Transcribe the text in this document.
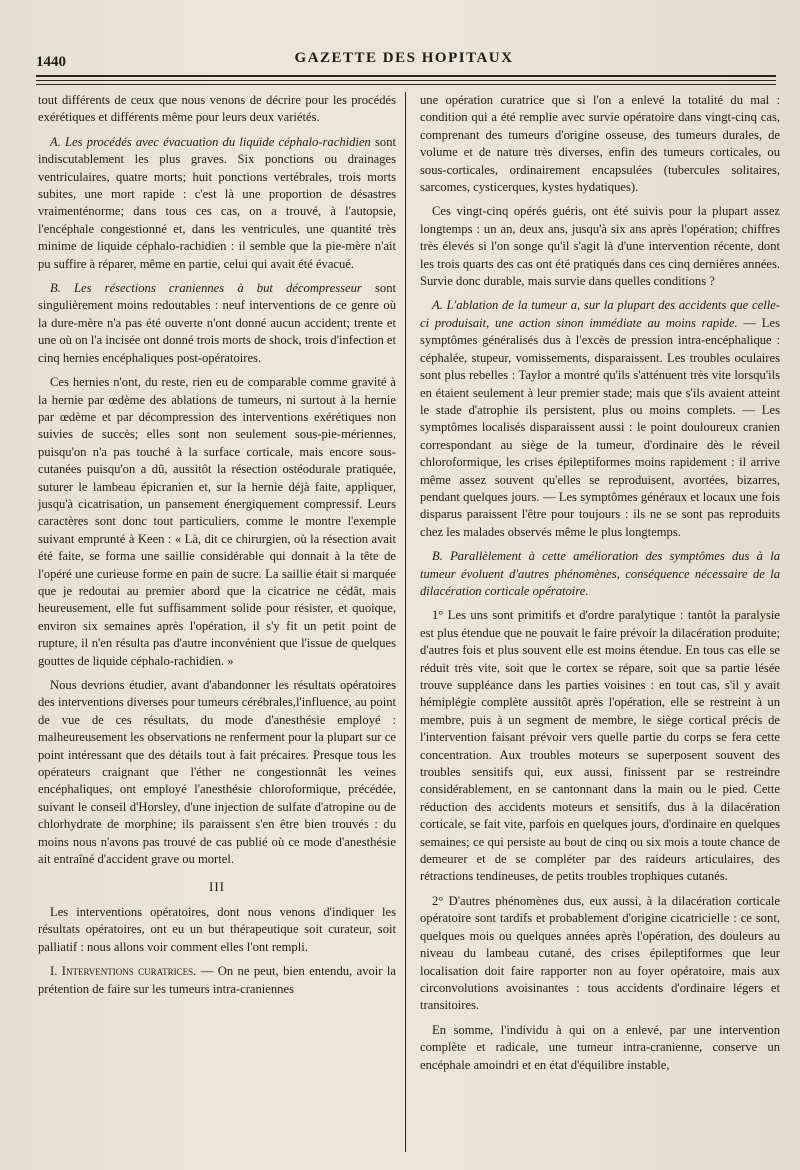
1440	GAZETTE DES HOPITAUX

tout différents de ceux que nous venons de décrire pour les procédés exérétiques et différents même pour leurs deux variétés.

A. Les procédés avec évacuation du liquide céphalo-rachidien sont indiscutablement les plus graves. Six ponctions ou drainages ventriculaires, quatre morts; huit ponctions vertébrales, trois morts subites, une mort rapide : c'est là une proportion de désastres vraimenténorme; dans tous ces cas, on a trouvé, à l'autopsie, l'encéphale congestionné et, dans les ventricules, une quantité très minime de liquide céphalo-rachidien : il semble que la pie-mère n'ait pu suffire à réparer, même en partie, celui qui avait été évacué.

B. Les résections craniennes à but décompresseur sont singulièrement moins redoutables : neuf interventions de ce genre où la dure-mère n'a pas été ouverte n'ont donné aucun accident; trente et une où on l'a incisée ont donné trois morts de shock, trois d'infection et cinq hernies encéphaliques post-opératoires.

Ces hernies n'ont, du reste, rien eu de comparable comme gravité à la hernie par œdème des ablations de tumeurs, ni surtout à la hernie par œdème et par décompression des interventions exérétiques non suivies de succès; elles sont non seulement sous-pie-mériennes, puisqu'on n'a pas touché à la surface corticale, mais encore sous-cutanées puisqu'on a dû, aussitôt la résection ostéodurale pratiquée, suturer le lambeau épicranien et, sur la hernie déjà faite, appliquer, jusqu'à cicatrisation, un pansement énergiquement compressif. Leurs caractères sont donc tout particuliers, comme le montre l'exemple suivant emprunté à Keen : « Là, dit ce chirurgien, où la résection avait été faite, se forma une saillie considérable qui donnait à la tête de l'opéré une curieuse forme en pain de sucre. La saillie était si marquée que je redoutai au premier abord que la cicatrice ne cédât, mais heureusement, elle fut suffisamment solide pour résister, et quoique, environ six semaines après l'opération, il s'y fit un petit point de rupture, il n'en résulta pas d'autre inconvénient que l'issue de quelques gouttes de liquide céphalo-rachidien. »

Nous devrions étudier, avant d'abandonner les résultats opératoires des interventions diverses pour tumeurs cérébrales,l'influence, au point de vue de ces résultats, du mode d'anesthésie employé : malheureusement les observations ne renferment pour la plupart sur ce point intéressant que des détails tout à fait précaires. Presque tous les opérateurs craignant que l'éther ne congestionnât les veines encéphaliques, ont employé l'anesthésie chloroformique, précédée, suivant le conseil d'Horsley, d'une injection de sulfate d'atropine ou de chlorhydrate de morphine; ils paraissent s'en être bien trouvés : du moins nous n'avons pas trouvé de cas publié où ce mode d'anesthésie ait entraîné d'accident grave ou mortel.

III

Les interventions opératoires, dont nous venons d'indiquer les résultats opératoires, ont eu un but thérapeutique soit curateur, soit palliatif : nous allons voir comment elles l'ont rempli.

I. Interventions curatrices. — On ne peut, bien entendu, avoir la prétention de faire sur les tumeurs intra-craniennes

une opération curatrice que si l'on a enlevé la totalité du mal : condition qui a été remplie avec survie opératoire dans vingt-cinq cas, comprenant des tumeurs d'origine osseuse, des tumeurs durales, de volume et de nature très diverses, enfin des tumeurs corticales, ou sous-corticales, ordinairement encapsulées (tubercules solitaires, sarcomes, cysticerques, kystes hydatiques).

Ces vingt-cinq opérés guéris, ont été suivis pour la plupart assez longtemps : un an, deux ans, jusqu'à six ans après l'opération; chiffres très élevés si l'on songe qu'il s'agit là d'une intervention récente, dont les trois quarts des cas ont été pratiqués dans ces cinq dernières années. Survie donc durable, mais survie dans quelles conditions ?

A. L'ablation de la tumeur a, sur la plupart des accidents que celle-ci produisait, une action sinon immédiate au moins rapide. — Les symptômes généralisés dus à l'excès de pression intra-encéphalique : céphalée, stupeur, vomissements, disparaissent. Les troubles oculaires sont plus rebelles : Taylor a montré qu'ils s'atténuent très vite lorsqu'ils en étaient seulement à leur premier stade; mais que s'ils avaient atteint le stade d'atrophie ils persistent, plus ou moins complets. — Les symptômes localisés disparaissent aussi : le point douloureux cranien correspondant au siège de la tumeur, d'ordinaire dès le réveil chloroformique, les crises épileptiformes moins rapidement : il arrive même assez souvent qu'elles se reproduisent, avortées, bizarres, pendant quelques jours. — Les symptômes généraux et locaux une fois disparus paraissent l'être pour toujours : ils ne se sont pas reproduits chez les malades observés même le plus longtemps.

B. Parallèlement à cette amélioration des symptômes dus à la tumeur évoluent d'autres phénomènes, conséquence nécessaire de la dilacération corticale opératoire.

1° Les uns sont primitifs et d'ordre paralytique : tantôt la paralysie est plus étendue que ne pouvait le faire prévoir la dilacération produite; d'autres fois et plus souvent elle est moins étendue. En tous cas elle se réduit très vite, soit que le cortex se répare, soit que sa partie lésée trouve suppléance dans les parties voisines : en tout cas, s'il y avait hémiplégie complète aussitôt après l'opération, elle se restreint à un membre, puis à un segment de membre, le siège cortical précis de l'intervention faisant prévoir vers quelle partie du corps se fera cette concentration. Aux troubles moteurs se superposent souvent des troubles sensitifs qui, eux aussi, finissent par se restreindre considérablement, en se cantonnant dans la main ou le pied. Cette réduction des accidents moteurs et sensitifs, dus à la dilacération corticale, se fait vite, parfois en quelques jours, d'ordinaire en quelques semaines; ce qui persiste au bout de cinq ou six mois a toute chance de demeurer et de se compléter par des raideurs articulaires, des rétractions tendineuses, de petits troubles trophiques cutanés.

2° D'autres phénomènes dus, eux aussi, à la dilacération corticale opératoire sont tardifs et probablement d'origine cicatricielle : ce sont, quelques mois ou quelques années après l'opération, des douleurs au niveau du lambeau cutané, des crises épileptiformes que leur localisation doit faire rapporter non au foyer opératoire, mais aux circonvolutions avoisinantes : tous accidents d'ordinaire légers et transitoires.

En somme, l'individu à qui on a enlevé, par une intervention complète et radicale, une tumeur intra-cranienne, conserve un encéphale amoindri et en état d'équilibre instable,
